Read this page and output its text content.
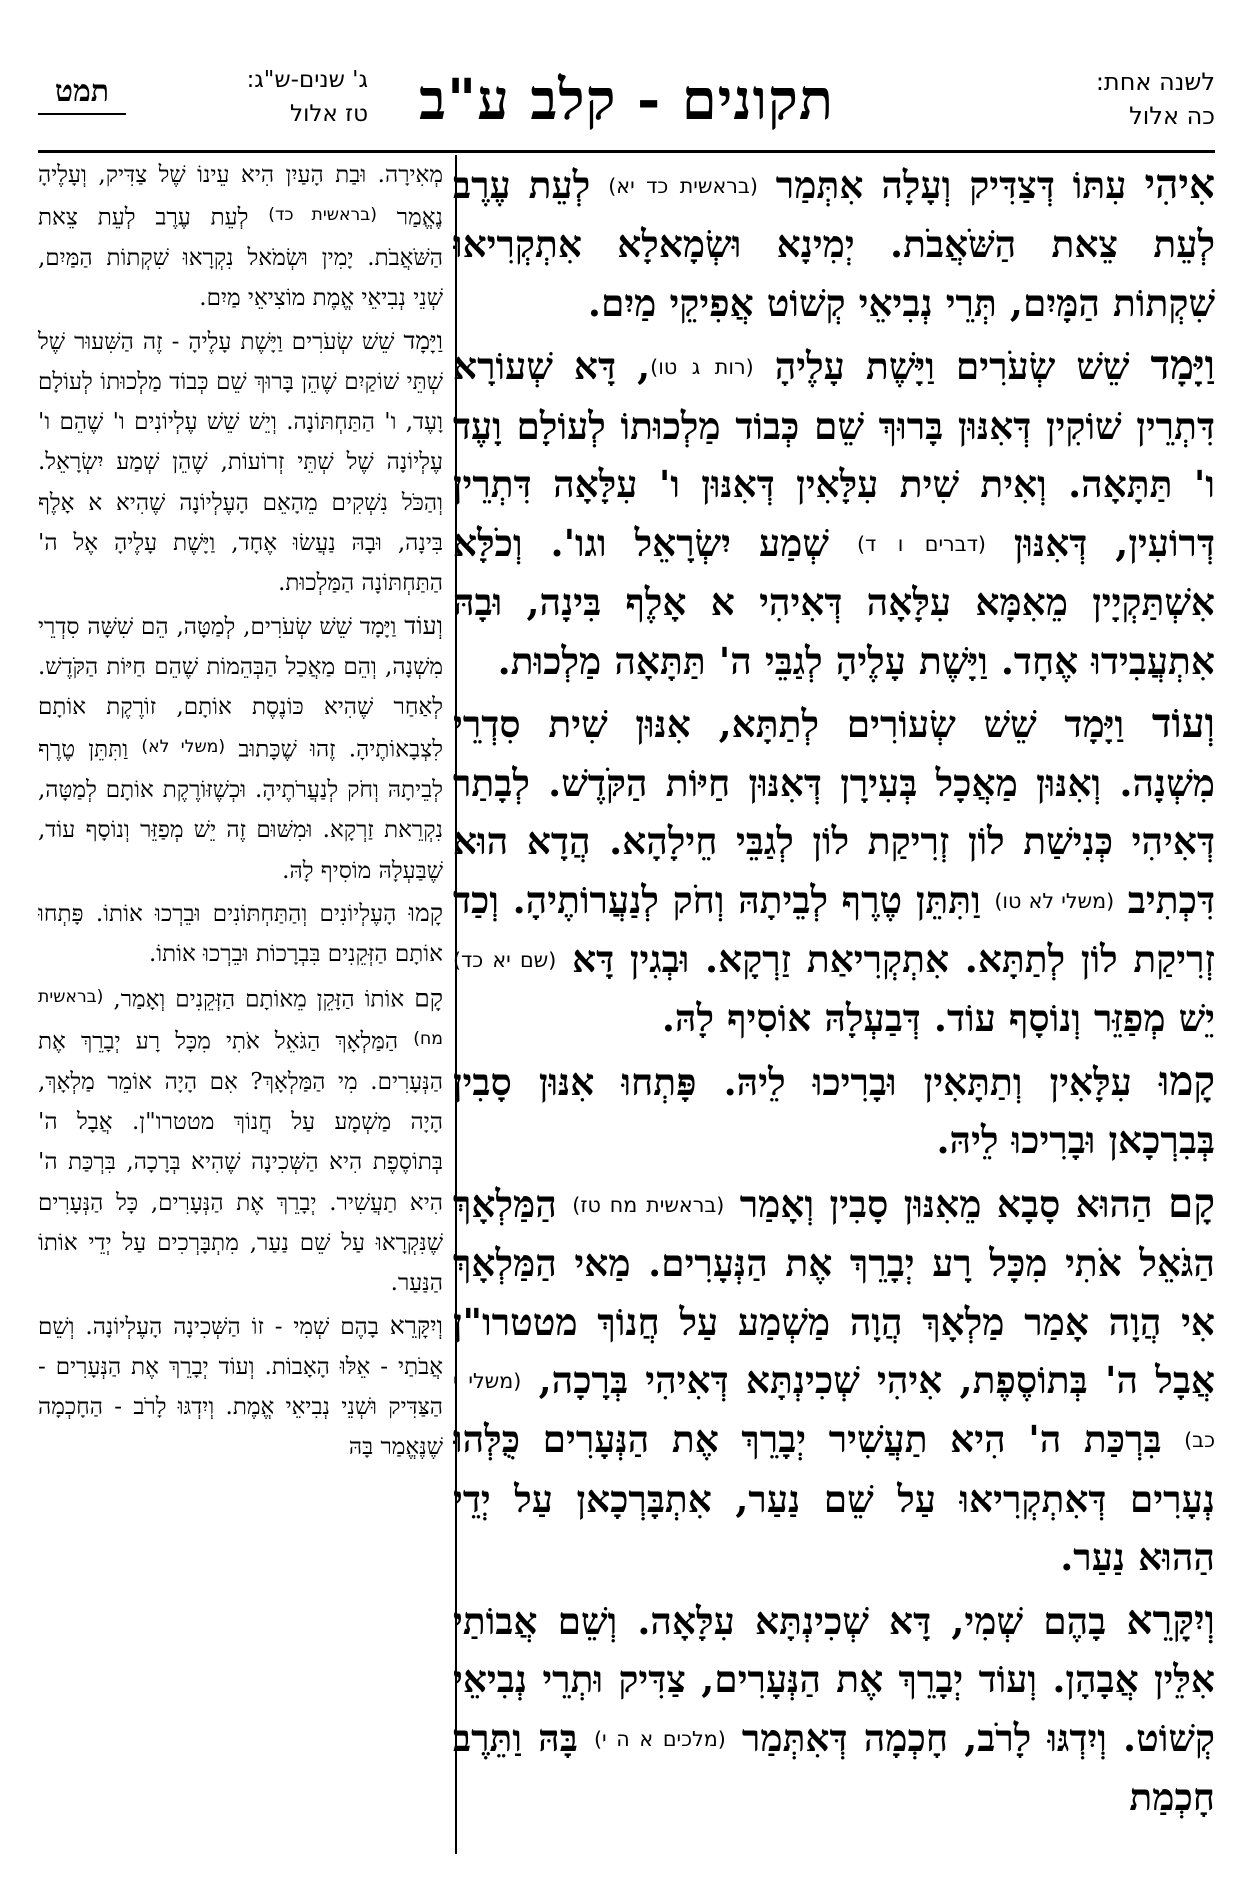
לשנה אחת:
כה אלול
תקונים - קלב ע"ב
ג' שנים-ש"ג:
טז אלול
תמט

אִיהִי עִתּוֹ דְּצַדִּיק וְעָלָה אִתְּמַר (בראשית כד יא) לְעֵת עֶרֶב לְעֵת צֵאת הַשֹּׁאֲבֹת. יְמִינָא וּשְׂמָאלָא אִתְקְרִיאוּ שִׁקְתוֹת הַמָּיִם, תְּרֵי נְבִיאֵי קְשׁוֹט אֲפִיקֵי מַיִם.

וַיָּמָד שֵׁשׁ שְׂעֹרִים וַיָּשֶׁת עָלֶיהָ (רות ג טו), דָּא שְׁעוֹרָא דִּתְרֵין שׁוֹקִין דְּאִנּוּן בָּרוּךְ שֵׁם כְּבוֹד מַלְכוּתוֹ לְעוֹלָם וָעֶד ו' תַּתָּאָה. וְאִית שִׁית עִלָּאִין דְּאִנּוּן ו' עִלָּאָה דִּתְרֵין דְּרוֹעִין, דְּאִנּוּן (דברים ו ד) שְׁמַע יִשְׂרָאֵל וגו'. וְכֹלָּא אִשְׁתַּקְיָין מֵאִמָּא עִלָּאָה דְּאִיהִי א אָלֶף בִּינָה, וּבָהּ אִתְעֲבִידוּ אֶחָד. וַיָּשֶׁת עָלֶיהָ לְגַבֵּי ה' תַּתָּאָה מַלְכוּת.

וְעוֹד וַיָּמָד שֵׁשׁ שְׂעוֹרִים לְתַתָּא, אִנּוּן שִׁית סִדְרֵי מִשְׁנָה. וְאִנּוּן מַאֲכָל בְּעִירָן דְּאִנּוּן חַיּוֹת הַקֹּדֶשׁ. לְבָתַר דְּאִיהִי כְּנִישַׁת לוֹן זְרִיקַת לוֹן לְגַבֵּי חֵילָהָא. הֲדָא הוּא דִּכְתִיב (משלי לא טו) וַתִּתֵּן טֶרֶף לְבֵיתָהּ וְחֹק לְנַעֲרוֹתֶיהָ. וְכַד זְרִיקַת לוֹן לְתַתָּא. אִתְקְרִיאַת זַרְקָא. וּבְגִין דָּא (שם יא כד) יֵשׁ מְפַזֵּר וְנוֹסָף עוֹד. דְּבַעְלָהּ אוֹסִיף לָהּ.

קָמוּ עִלָּאִין וְתַתָּאִין וּבָרִיכוּ לֵיהּ. פָּתְחוּ אִנּוּן סָבִין בְּבִרְכָאן וּבָרִיכוּ לֵיהּ.

קָם הַהוּא סָבָא מֵאִנּוּן סָבִין וְאָמַר (בראשית מח טז) הַמַּלְאָךְ הַגֹּאֵל אֹתִי מִכָּל רָע יְבָרֵךְ אֶת הַנְּעָרִים. מַאי הַמַּלְאָךְ אִי הֲוָה אָמַר מַלְאָךְ הֲוָה מַשְׁמַע עַל חֲנוֹךְ מטטרו"ן אֲבָל ה' בְּתוֹסֶפֶת, אִיהִי שְׁכִינְתָּא דְּאִיהִי בְּרָכָה, (משלי י כב) בִּרְכַּת ה' הִיא תַעֲשִׁיר יְבָרֵךְ אֶת הַנְּעָרִים כֻּלְּהוּ נְעָרִים דְּאִתְקְרִיאוּ עַל שֵׁם נַעַר, אִתְבָּרְכָאן עַל יְדֵי הַהוּא נַעַר.

וְיִקָּרֵא בָהֶם שְׁמִי, דָּא שְׁכִינְתָּא עִלָּאָה. וְשֵׁם אֲבוֹתַי אִלֵּין אֲבָהָן. וְעוֹד יְבָרֵךְ אֶת הַנְּעָרִים, צַדִּיק וּתְרֵי נְבִיאֵי קְשׁוֹט. וְיִדְגּוּ לָרֹב, חָכְמָה דְּאִתְּמַר (מלכים א ה י) בָּהּ וַתֵּרֶב חָכְמַת

מְאִירָה. וּבַת הָעַיִן הִיא עֵינוֹ שֶׁל צַדִּיק, וְעָלֶיהָ נֶאֱמַר (בראשית כד) לְעֵת עֶרֶב לְעֵת צֵאת הַשֹּׁאֲבֹת. יָמִין וּשְׂמֹאל נִקְרָאוּ שִׁקְתוֹת הַמַּיִם, שְׁנֵי נְבִיאֵי אֱמֶת מוֹצִיאֵי מַיִם.

וַיָּמָד שֵׁשׁ שְׂעֹרִים וַיָּשֶׁת עָלֶיהָ - זֶה הַשִּׁעוּר שֶׁל שְׁתֵּי שׁוֹקַיִם שֶׁהֵן בָּרוּךְ שֵׁם כְּבוֹד מַלְכוּתוֹ לְעוֹלָם וָעֶד, ו' הַתַּחְתּוֹנָה. וְיֵשׁ שֵׁשׁ עֶלְיוֹנִים ו' שֶׁהֵם ו' עֶלְיוֹנָה שֶׁל שְׁתֵּי זְרוֹעוֹת, שֶׁהֵן שְׁמַע יִשְׂרָאֵל. וְהַכֹּל נִשְׁקִים מֵהָאֵם הָעֶלְיוֹנָה שֶׁהִיא א אָלֶף בִּינָה, וּבָהּ נַעֲשׂוּ אֶחָד, וַיָּשֶׁת עָלֶיהָ אֶל ה' הַתַּחְתּוֹנָה הַמַּלְכוּת.

וְעוֹד וַיָּמָד שֵׁשׁ שְׂעֹרִים, לְמַטָּה, הֵם שִׁשָּׁה סִדְרֵי מִשְׁנָה, וְהֵם מַאֲכַל הַבְּהֵמוֹת שֶׁהֵם חַיּוֹת הַקֹּדֶשׁ. לְאַחַר שֶׁהִיא כּוֹנֶסֶת אוֹתָם, זוֹרֶקֶת אוֹתָם לִצְבָאוֹתֶיהָ. זֶהוּ שֶׁכָּתוּב (משלי לא) וַתִּתֵּן טֶרֶף לְבֵיתָהּ וְחֹק לְנַעֲרֹתֶיהָ. וּכְשֶׁזּוֹרֶקֶת אוֹתָם לְמַטָּה, נִקְרֵאת זַרְקָא. וּמִשּׁוּם זֶה יֵשׁ מְפַזֵּר וְנוֹסָף עוֹד, שֶׁבַּעְלָהּ מוֹסִיף לָהּ.

קָמוּ הָעֶלְיוֹנִים וְהַתַּחְתּוֹנִים וּבֵרְכוּ אוֹתוֹ. פָּתְחוּ אוֹתָם הַזְּקֵנִים בִּבְרָכוֹת וּבֵרְכוּ אוֹתוֹ.

קָם אוֹתוֹ הַזָּקֵן מֵאוֹתָם הַזְּקֵנִים וְאָמַר, (בראשית מח) הַמַּלְאָךְ הַגֹּאֵל אֹתִי מִכָּל רָע יְבָרֵךְ אֶת הַנְּעָרִים. מִי הַמַּלְאָךְ? אִם הָיָה אוֹמֵר מַלְאָךְ, הָיָה מַשְׁמָע עַל חֲנוֹךְ מטטרו"ן. אֲבָל ה' בְּתוֹסֶפֶת הִיא הַשְּׁכִינָה שֶׁהִיא בְּרָכָה, בִּרְכַּת ה' הִיא תַעֲשִׁיר. יְבָרֵךְ אֶת הַנְּעָרִים, כָּל הַנְּעָרִים שֶׁנִּקְרָאוּ עַל שֵׁם נַעַר, מִתְבָּרְכִים עַל יְדֵי אוֹתוֹ הַנַּעַר.

וְיִקָּרֵא בָהֶם שְׁמִי - זוֹ הַשְּׁכִינָה הָעֶלְיוֹנָה. וְשֵׁם אֲבֹתַי - אֵלּוּ הָאָבוֹת. וְעוֹד יְבָרֵךְ אֶת הַנְּעָרִים - הַצַּדִּיק וּשְׁנֵי נְבִיאֵי אֱמֶת. וְיִדְגּוּ לָרֹב - הַחָכְמָה שֶׁנֶּאֱמַר בָּהּ
